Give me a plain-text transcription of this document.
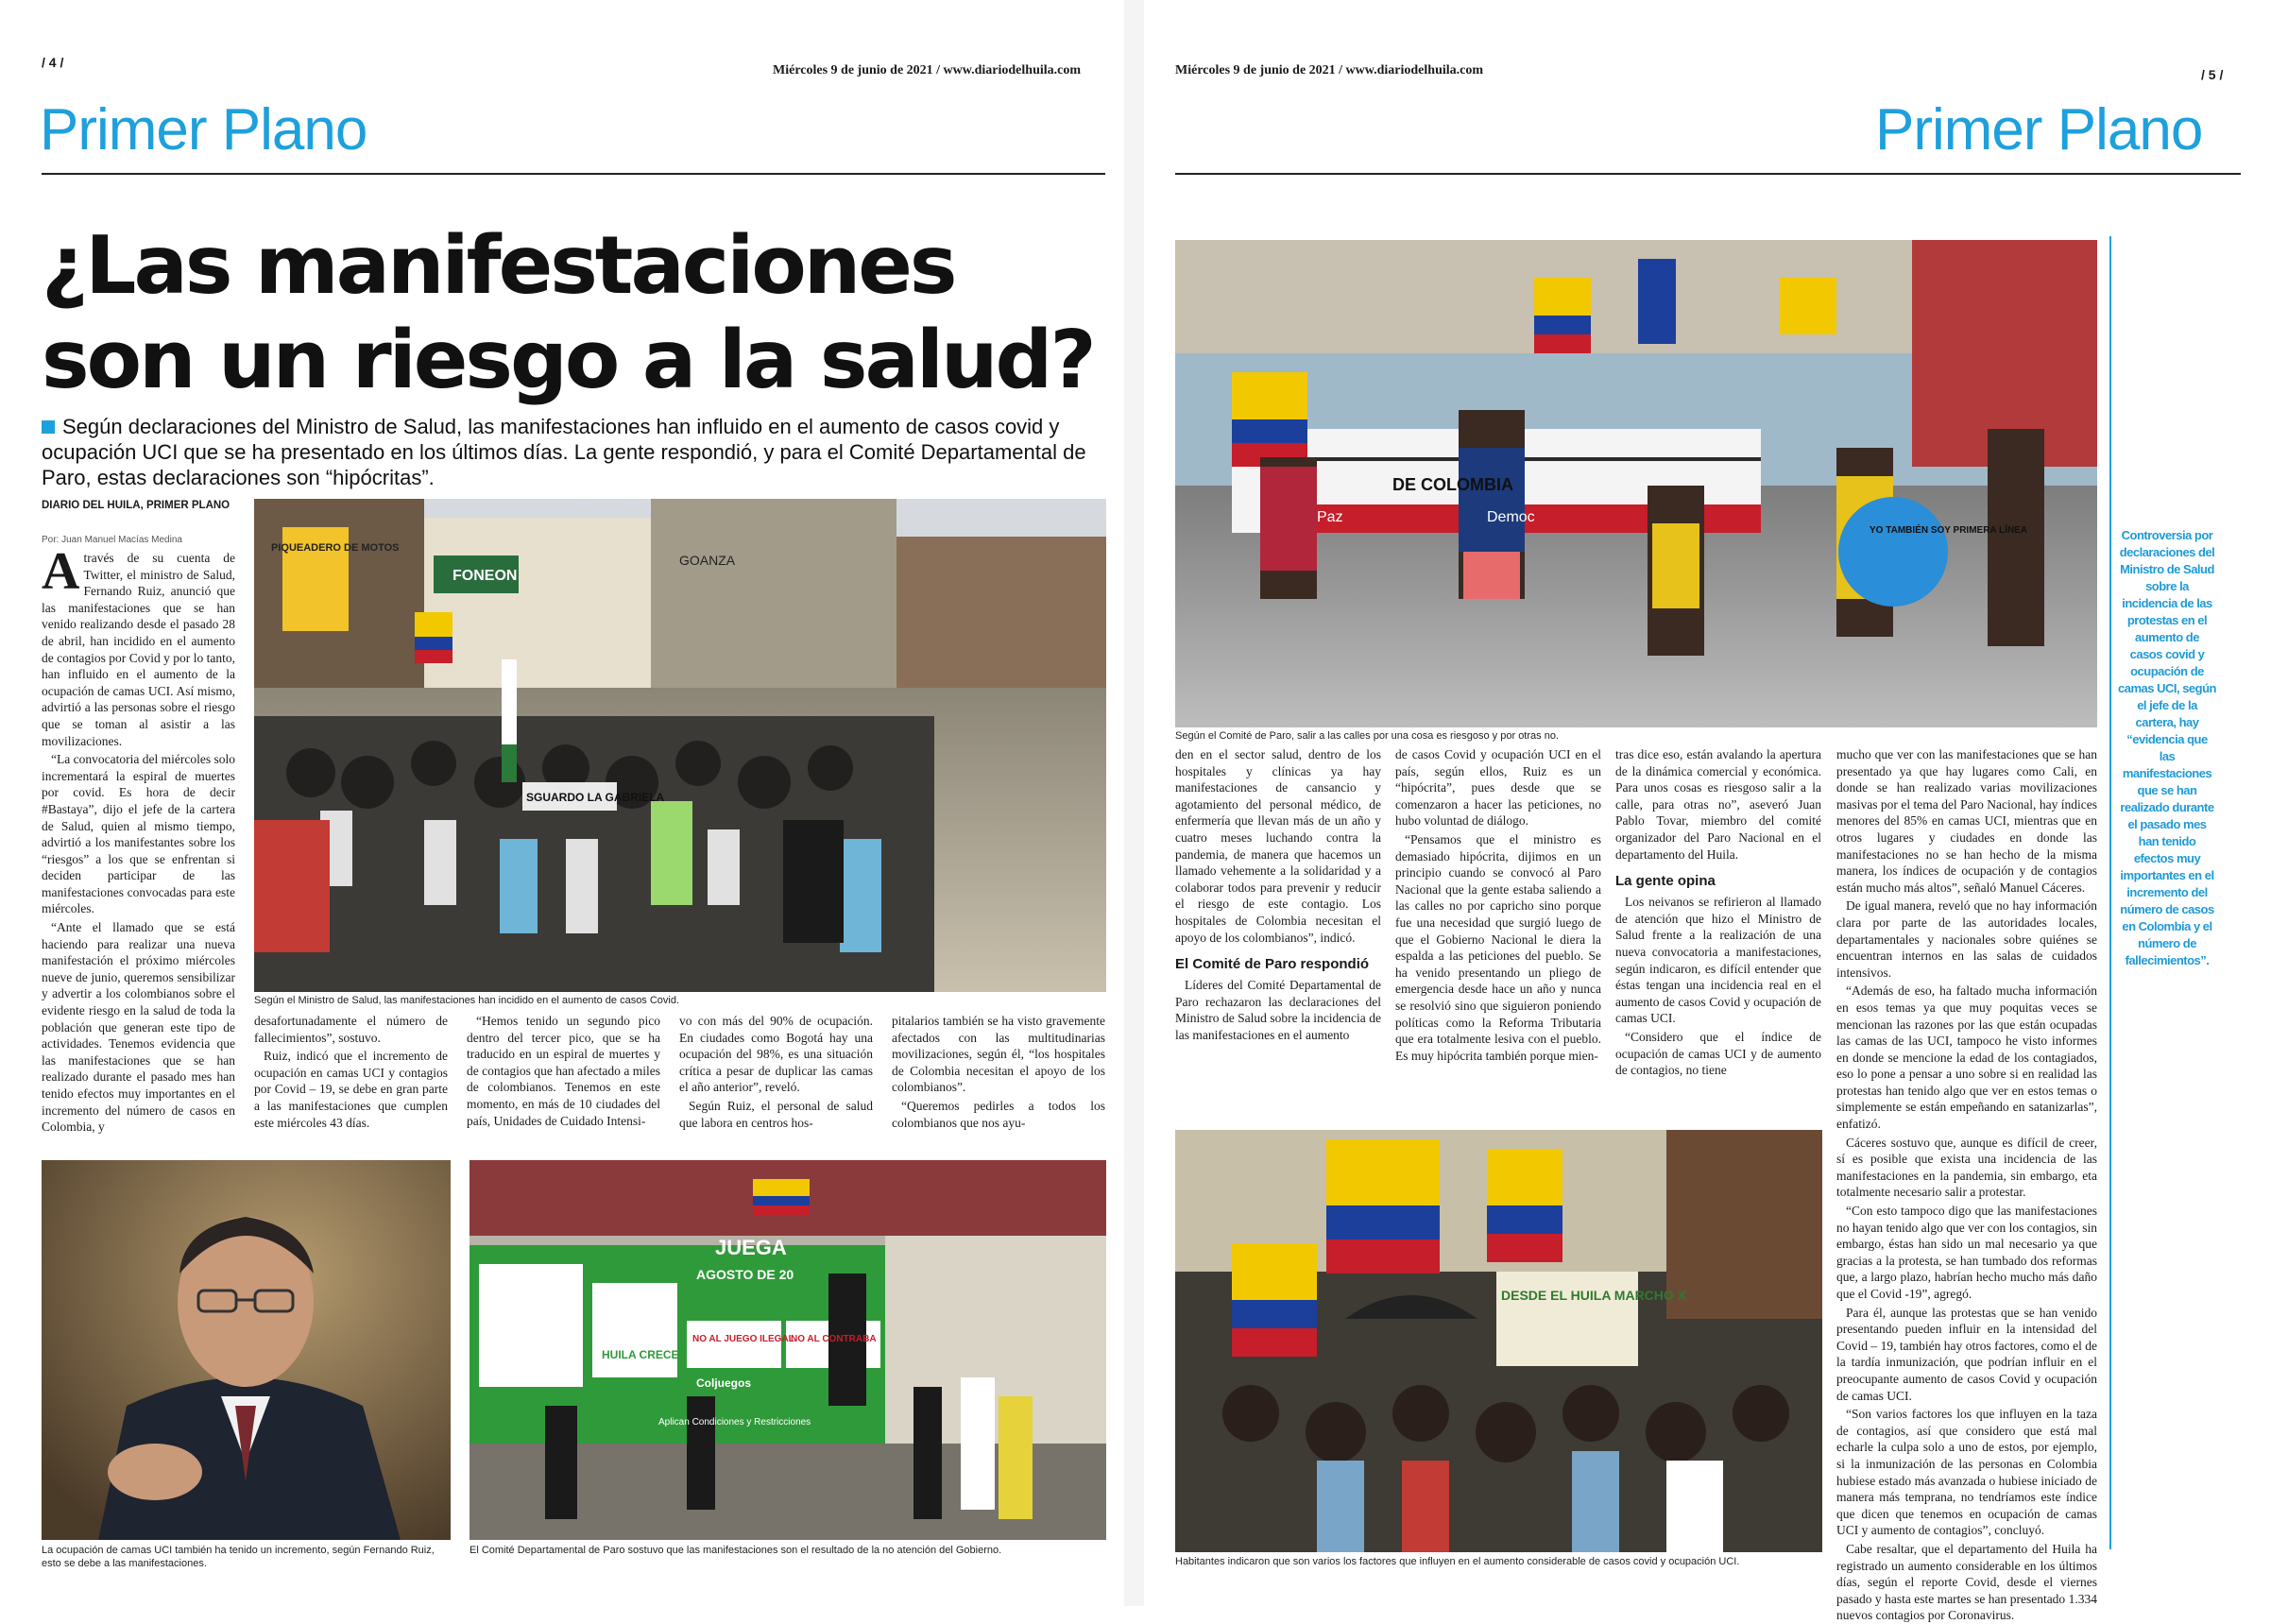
/ 4 /
Miércoles 9 de junio de 2021 / www.diariodelhuila.com
Primer Plano
¿Las manifestaciones son un riesgo a la salud?
Según declaraciones del Ministro de Salud, las manifestaciones han influido en el aumento de casos covid y ocupación UCI que se ha presentado en los últimos días. La gente respondió, y para el Comité Departamental de Paro, estas declaraciones son “hipócritas”.
DIARIO DEL HUILA, PRIMER PLANO
Por: Juan Manuel Macías Medina

Através de su cuenta de Twitter, el ministro de Salud, Fernando Ruiz, anunció que las manifestaciones que se han venido realizando desde el pasado 28 de abril, han incidido en el aumento de contagios por Covid y por lo tanto, han influido en el aumento de la ocupación de camas UCI. Así mismo, advirtió a las personas sobre el riesgo que se toman al asistir a las movilizaciones.

“La convocatoria del miércoles solo incrementará la espiral de muertes por covid. Es hora de decir #Bastaya”, dijo el jefe de la cartera de Salud, quien al mismo tiempo, advirtió a los manifestantes sobre los “riesgos” a los que se enfrentan si deciden participar de las manifestaciones convocadas para este miércoles.

“Ante el llamado que se está haciendo para realizar una nueva manifestación el próximo miércoles nueve de junio, queremos sensibilizar y advertir a los colombianos sobre el evidente riesgo en la salud de toda la población que generan este tipo de actividades. Tenemos evidencia que las manifestaciones que se han realizado durante el pasado mes han tenido efectos muy importantes en el incremento del número de casos en Colombia, y

PIQUEADERO DE MOTOS
FONEON
GOANZA
SGUARDO LA GABRIELA
Según el Ministro de Salud, las manifestaciones han incidido en el aumento de casos Covid.

desafortunadamente el número de fallecimientos”, sostuvo.

Ruiz, indicó que el incremento de ocupación en camas UCI y contagios por Covid – 19, se debe en gran parte a las manifestaciones que cumplen este miércoles 43 días.

“Hemos tenido un segundo pico dentro del tercer pico, que se ha traducido en un espiral de muertes y de contagios que han afectado a miles de colombianos. Tenemos en este momento, en más de 10 ciudades del país, Unidades de Cuidado Intensi-

vo con más del 90% de ocupación. En ciudades como Bogotá hay una ocupación del 98%, es una situación crítica a pesar de duplicar las camas el año anterior”, reveló.

Según Ruiz, el personal de salud que labora en centros hos-

pitalarios también se ha visto gravemente afectados con las multitudinarias movilizaciones, según él, “los hospitales de Colombia necesitan el apoyo de los colombianos”.

“Queremos pedirles a todos los colombianos que nos ayu-

La ocupación de camas UCI también ha tenido un incremento, según Fernando Ruiz, esto se debe a las manifestaciones.
JUEGA
AGOSTO DE 20
NO AL JUEGO ILEGAL
NO AL CONTRABA
HUILA CRECE
Coljuegos
Aplican Condiciones y Restricciones
El Comité Departamental de Paro sostuvo que las manifestaciones son el resultado de la no atención del Gobierno.
Miércoles 9 de junio de 2021 / www.diariodelhuila.com	/ 5 /
Primer Plano
YO TAMBIÉN SOY PRIMERA LÍNEA
DE COLOMBIA
Paz	Democ
Según el Comité de Paro, salir a las calles por una cosa es riesgoso y por otras no.

den en el sector salud, dentro de los hospitales y clínicas ya hay manifestaciones de cansancio y agotamiento del personal médico, de enfermería que llevan más de un año y cuatro meses luchando contra la pandemia, de manera que hacemos un llamado vehemente a la solidaridad y a colaborar todos para prevenir y reducir el riesgo de este contagio. Los hospitales de Colombia necesitan el apoyo de los colombianos”, indicó.

El Comité de Paro respondió

Líderes del Comité Departamental de Paro rechazaron las declaraciones del Ministro de Salud sobre la incidencia de las manifestaciones en el aumento

de casos Covid y ocupación UCI en el país, según ellos, Ruiz es un “hipócrita”, pues desde que se comenzaron a hacer las peticiones, no hubo voluntad de diálogo.

“Pensamos que el ministro es demasiado hipócrita, dijimos en un principio cuando se convocó al Paro Nacional que la gente estaba saliendo a las calles no por capricho sino porque fue una necesidad que surgió luego de que el Gobierno Nacional le diera la espalda a las peticiones del pueblo. Se ha venido presentando un pliego de emergencia desde hace un año y nunca se resolvió sino que siguieron poniendo políticas como la Reforma Tributaria que era totalmente lesiva con el pueblo. Es muy hipócrita también porque mien-

tras dice eso, están avalando la apertura de la dinámica comercial y económica. Para unos cosas es riesgoso salir a la calle, para otras no”, aseveró Juan Pablo Tovar, miembro del comité organizador del Paro Nacional en el departamento del Huila.

La gente opina

Los neivanos se refirieron al llamado de atención que hizo el Ministro de Salud frente a la realización de una nueva convocatoria a manifestaciones, según indicaron, es difícil entender que éstas tengan una incidencia real en el aumento de casos Covid y ocupación de camas UCI.

“Considero que el índice de ocupación de camas UCI y de aumento de contagios, no tiene

mucho que ver con las manifestaciones que se han presentado ya que hay lugares como Cali, en donde se han realizado varias movilizaciones masivas por el tema del Paro Nacional, hay índices menores del 85% en camas UCI, mientras que en otros lugares y ciudades en donde las manifestaciones no se han hecho de la misma manera, los índices de ocupación y de contagios están mucho más altos”, señaló Manuel Cáceres.

De igual manera, reveló que no hay información clara por parte de las autoridades locales, departamentales y nacionales sobre quiénes se encuentran internos en las salas de cuidados intensivos.

“Además de eso, ha faltado mucha información en esos temas ya que muy poquitas veces se mencionan las razones por las que están ocupadas las camas de las UCI, tampoco he visto informes en donde se mencione la edad de los contagiados, eso lo pone a pensar a uno sobre si en realidad las protestas han tenido algo que ver en estos temas o simplemente se están empeñando en satanizarlas”, enfatizó.

Cáceres sostuvo que, aunque es difícil de creer, sí es posible que exista una incidencia de las manifestaciones en la pandemia, sin embargo, eta totalmente necesario salir a protestar.

“Con esto tampoco digo que las manifestaciones no hayan tenido algo que ver con los contagios, sin embargo, éstas han sido un mal necesario ya que gracias a la protesta, se han tumbado dos reformas que, a largo plazo, habrían hecho mucho más daño que el Covid -19”, agregó.

Para él, aunque las protestas que se han venido presentando pueden influir en la intensidad del Covid – 19, también hay otros factores, como el de la tardía inmunización, que podrían influir en el preocupante aumento de casos Covid y ocupación de camas UCI.

“Son varios factores los que influyen en la taza de contagios, así que considero que está mal echarle la culpa solo a uno de estos, por ejemplo, si la inmunización de las personas en Colombia hubiese estado más avanzada o hubiese iniciado de manera más temprana, no tendríamos este índice que dicen que tenemos en ocupación de camas UCI y aumento de contagios”, concluyó.

Cabe resaltar, que el departamento del Huila ha registrado un aumento considerable en los últimos días, según el reporte Covid, desde el viernes pasado y hasta este martes se han presentado 1.334 nuevos contagios por Coronavirus.

DESDE EL HUILA MARCHO X
Habitantes indicaron que son varios los factores que influyen en el aumento considerable de casos covid y ocupación UCI.
Controversia por declaraciones del Ministro de Salud sobre la incidencia de las protestas en el aumento de casos covid y ocupación de camas UCI, según el jefe de la cartera, hay “evidencia que las manifestaciones que se han realizado durante el pasado mes han tenido efectos muy importantes en el incremento del número de casos en Colombia y el número de fallecimientos”.
